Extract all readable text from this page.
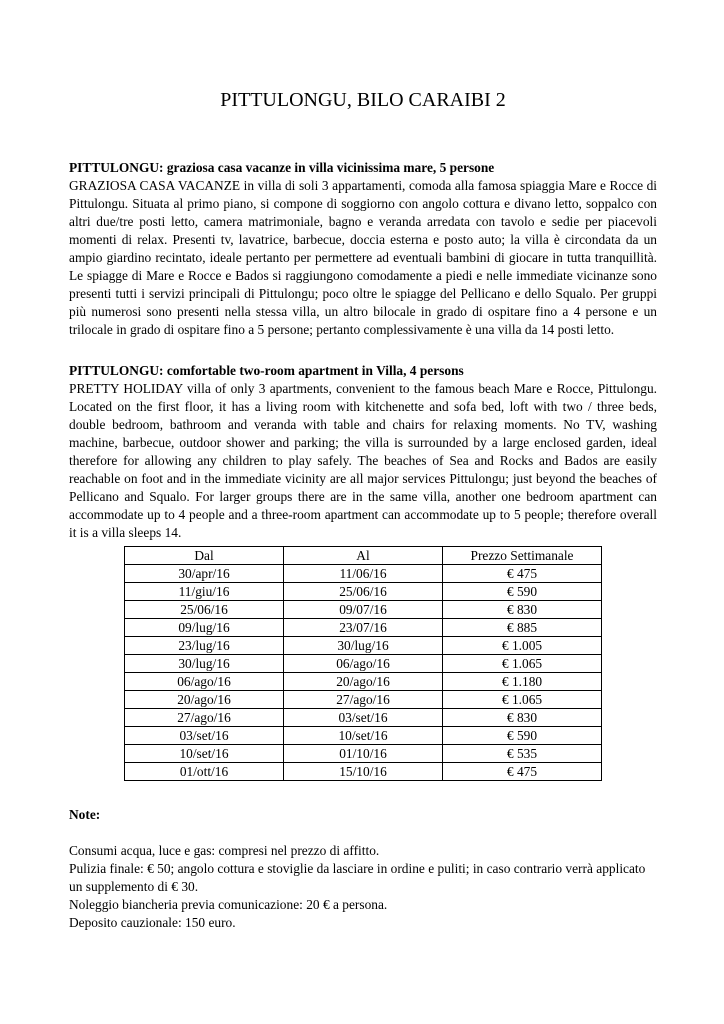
PITTULONGU, BILO CARAIBI 2

PITTULONGU: graziosa casa vacanze in villa vicinissima mare, 5 persone

GRAZIOSA CASA VACANZE in villa di soli 3 appartamenti, comoda alla famosa spiaggia Mare e Rocce di Pittulongu. Situata al primo piano, si compone di soggiorno con angolo cottura e divano letto, soppalco con altri due/tre posti letto, camera matrimoniale, bagno e veranda arredata con tavolo e sedie per piacevoli momenti di relax. Presenti tv, lavatrice, barbecue, doccia esterna e posto auto; la villa è circondata da un ampio giardino recintato, ideale pertanto per permettere ad eventuali bambini di giocare in tutta tranquillità. Le spiagge di Mare e Rocce e Bados si raggiungono comodamente a piedi e nelle immediate vicinanze sono presenti tutti i servizi principali di Pittulongu; poco oltre le spiagge del Pellicano e dello Squalo. Per gruppi più numerosi sono presenti nella stessa villa, un altro bilocale in grado di ospitare fino a 4 persone e un trilocale in grado di ospitare fino a 5 persone; pertanto complessivamente è una villa da 14 posti letto.

PITTULONGU: comfortable two-room apartment in Villa, 4 persons

PRETTY HOLIDAY villa of only 3 apartments, convenient to the famous beach Mare e Rocce, Pittulongu. Located on the first floor, it has a living room with kitchenette and sofa bed, loft with two / three beds, double bedroom, bathroom and veranda with table and chairs for relaxing moments. No TV, washing machine, barbecue, outdoor shower and parking; the villa is surrounded by a large enclosed garden, ideal therefore for allowing any children to play safely. The beaches of Sea and Rocks and Bados are easily reachable on foot and in the immediate vicinity are all major services Pittulongu; just beyond the beaches of Pellicano and Squalo. For larger groups there are in the same villa, another one bedroom apartment can accommodate up to 4 people and a three-room apartment can accommodate up to 5 people; therefore overall it is a villa sleeps 14.

Dal	Al	Prezzo Settimanale
30/apr/16	11/06/16	€ 475
11/giu/16	25/06/16	€ 590
25/06/16	09/07/16	€ 830
09/lug/16	23/07/16	€ 885
23/lug/16	30/lug/16	€ 1.005
30/lug/16	06/ago/16	€ 1.065
06/ago/16	20/ago/16	€ 1.180
20/ago/16	27/ago/16	€ 1.065
27/ago/16	03/set/16	€ 830
03/set/16	10/set/16	€ 590
10/set/16	01/10/16	€ 535
01/ott/16	15/10/16	€ 475

Note:

Consumi acqua, luce e gas: compresi nel prezzo di affitto.

Pulizia finale: € 50; angolo cottura e stoviglie da lasciare in ordine e puliti; in caso contrario verrà applicato un supplemento di € 30.

Noleggio biancheria previa comunicazione: 20 € a persona.

Deposito cauzionale: 150 euro.
